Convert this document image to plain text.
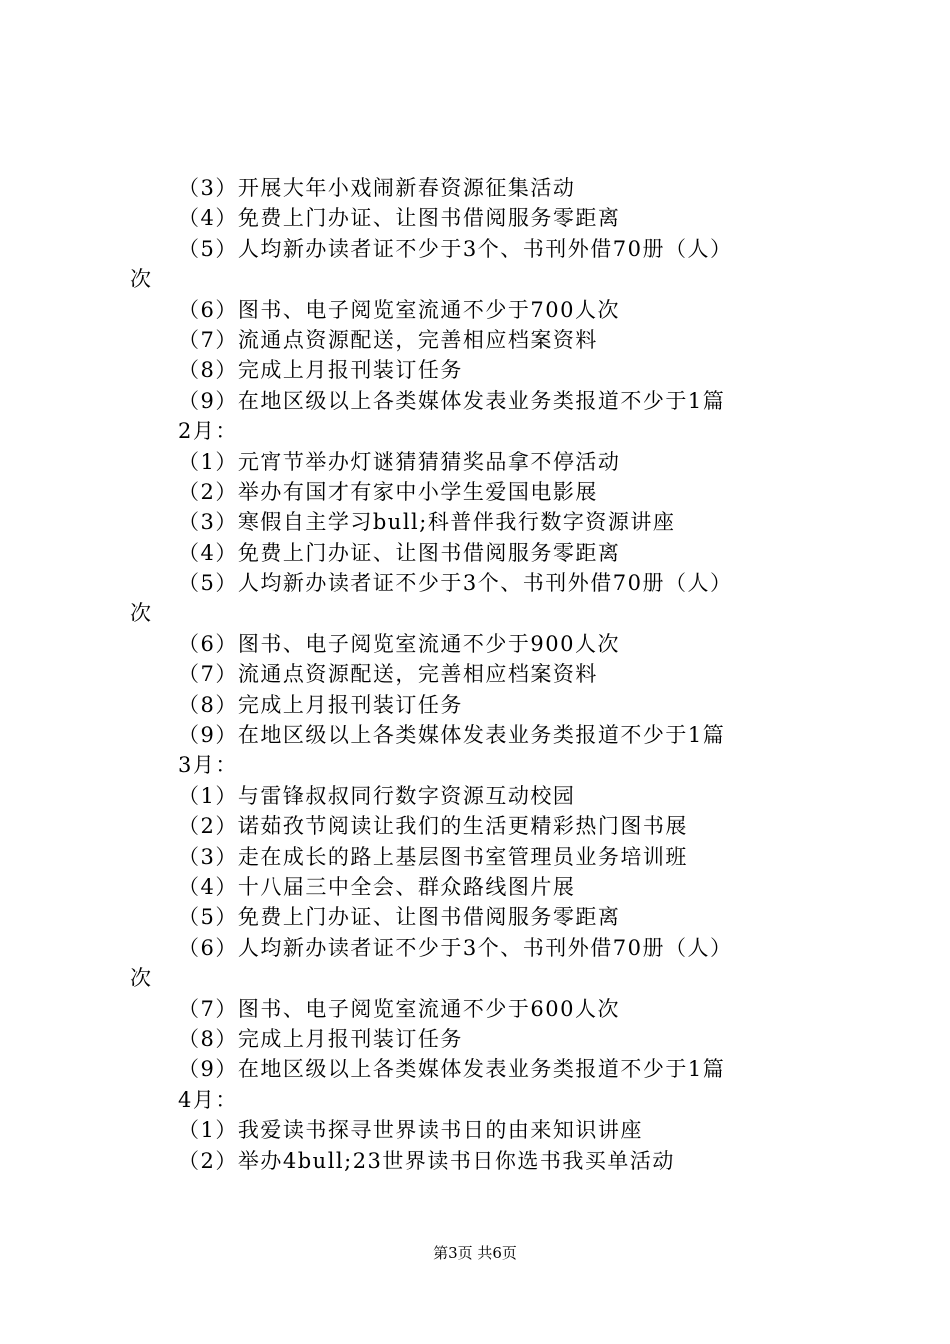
（3）开展大年小戏闹新春资源征集活动
（4）免费上门办证、让图书借阅服务零距离
（5）人均新办读者证不少于3个、书刊外借70册（人）
次
（6）图书、电子阅览室流通不少于700人次
（7）流通点资源配送，完善相应档案资料
（8）完成上月报刊装订任务
（9）在地区级以上各类媒体发表业务类报道不少于1篇
2月：
（1）元宵节举办灯谜猜猜猜奖品拿不停活动
（2）举办有国才有家中小学生爱国电影展
（3）寒假自主学习bull;科普伴我行数字资源讲座
（4）免费上门办证、让图书借阅服务零距离
（5）人均新办读者证不少于3个、书刊外借70册（人）
次
（6）图书、电子阅览室流通不少于900人次
（7）流通点资源配送，完善相应档案资料
（8）完成上月报刊装订任务
（9）在地区级以上各类媒体发表业务类报道不少于1篇
3月：
（1）与雷锋叔叔同行数字资源互动校园
（2）诺茹孜节阅读让我们的生活更精彩热门图书展
（3）走在成长的路上基层图书室管理员业务培训班
（4）十八届三中全会、群众路线图片展
（5）免费上门办证、让图书借阅服务零距离
（6）人均新办读者证不少于3个、书刊外借70册（人）
次
（7）图书、电子阅览室流通不少于600人次
（8）完成上月报刊装订任务
（9）在地区级以上各类媒体发表业务类报道不少于1篇
4月：
（1）我爱读书探寻世界读书日的由来知识讲座
（2）举办4bull;23世界读书日你选书我买单活动
第3页 共6页
